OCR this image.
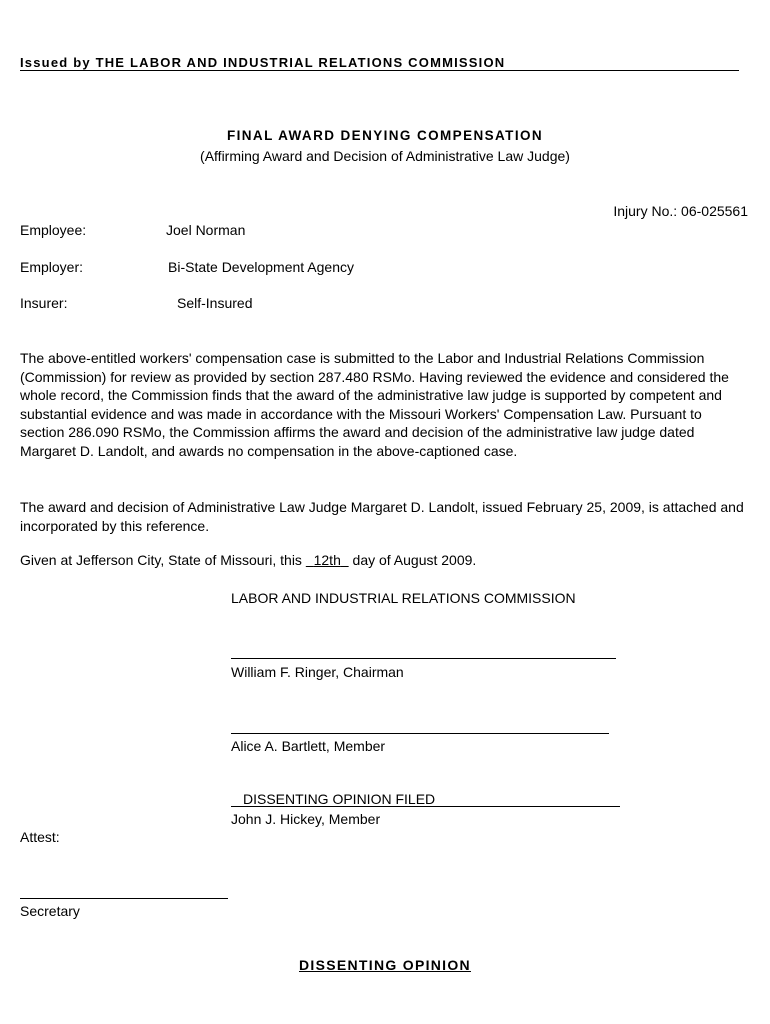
Issued by THE LABOR AND INDUSTRIAL RELATIONS COMMISSION
FINAL AWARD DENYING COMPENSATION
(Affirming Award and Decision of Administrative Law Judge)
Injury No.: 06-025561
Employee:	Joel Norman
Employer:	Bi-State Development Agency
Insurer:	Self-Insured
The above-entitled workers' compensation case is submitted to the Labor and Industrial Relations Commission (Commission) for review as provided by section 287.480 RSMo. Having reviewed the evidence and considered the whole record, the Commission finds that the award of the administrative law judge is supported by competent and substantial evidence and was made in accordance with the Missouri Workers' Compensation Law. Pursuant to section 286.090 RSMo, the Commission affirms the award and decision of the administrative law judge dated Margaret D. Landolt, and awards no compensation in the above-captioned case.
The award and decision of Administrative Law Judge Margaret D. Landolt, issued February 25, 2009, is attached and incorporated by this reference.
Given at Jefferson City, State of Missouri, this 12th day of August 2009.
LABOR AND INDUSTRIAL RELATIONS COMMISSION
William F. Ringer, Chairman
Alice A. Bartlett, Member
DISSENTING OPINION FILED
John J. Hickey, Member
Attest:
Secretary
DISSENTING OPINION
